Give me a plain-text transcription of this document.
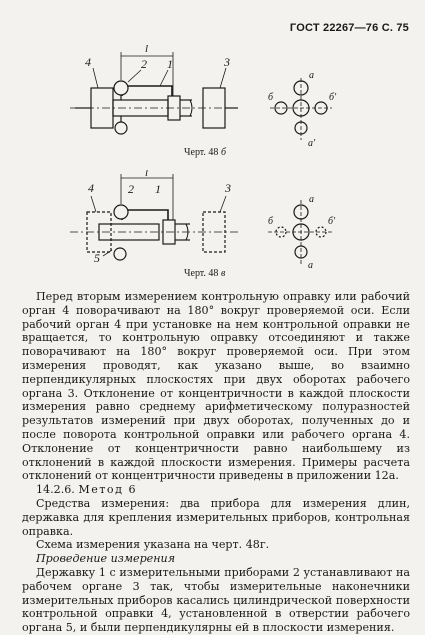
ГОСТ 22267—76 С. 75
l
4	2 1	3
а
б	б'
а'
Черт. 48 б
l
4	2 1	3
5
а
б	б'
а
Черт. 48 в

Перед вторым измерением контрольную оправку или рабочий орган 4 поворачивают на 180° вокруг проверяемой оси. Если рабочий орган 4 при установке на нем контрольной оправки не вращается, то контрольную оправку отсоединяют и также поворачивают на 180° вокруг проверяемой оси. При этом измерения проводят, как указано выше, во взаимно перпендикулярных плоскостях при двух оборотах рабочего органа 3. Отклонение от концентричности в каждой плоскости измерения равно среднему арифметическому полуразностей результатов измерений при двух оборотах, полученных до и после поворота контрольной оправки или рабочего органа 4. Отклонение от концентричности равно наибольшему из отклонений в каждой плоскости измерения. Примеры расчета отклонений от концентричности приведены в приложении 12а.

14.2.6. Метод 6

Средства измерения: два прибора для измерения длин, державка для крепления измерительных приборов, контрольная оправка.

Схема измерения указана на черт. 48г.

Проведение измерения

Державку 1 с измерительными приборами 2 устанавливают на рабочем органе 3 так, чтобы измерительные наконечники измерительных приборов касались цилиндрической поверхности контрольной оправки 4, установленной в отверстии рабочего органа 5, и были перпендикулярны ей в плоскости измерения.
